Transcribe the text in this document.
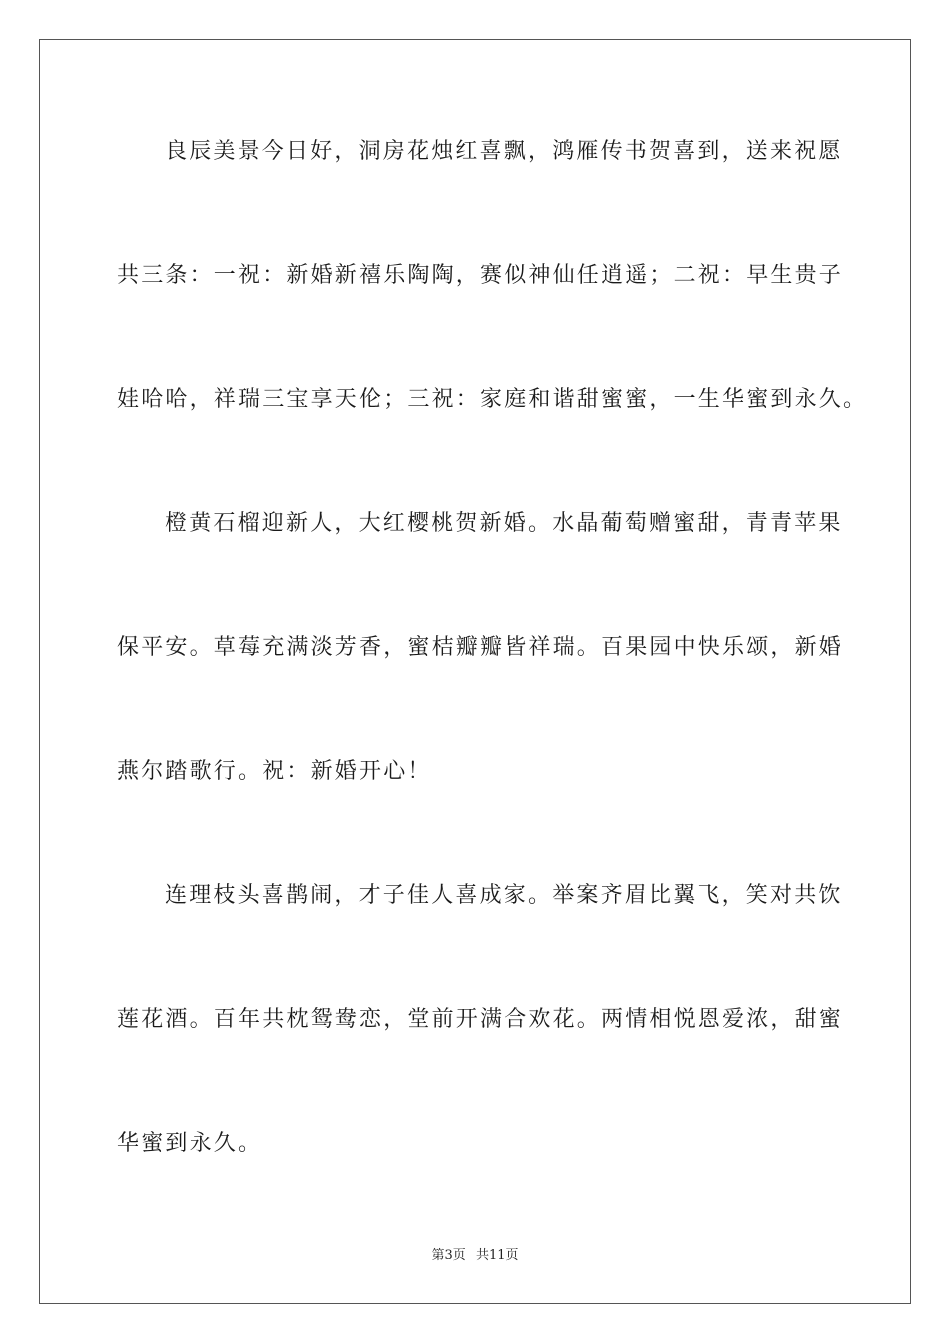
良辰美景今日好，洞房花烛红喜飘，鸿雁传书贺喜到，送来祝愿
共三条：一祝：新婚新禧乐陶陶，赛似神仙任逍遥；二祝：早生贵子
娃哈哈，祥瑞三宝享天伦；三祝：家庭和谐甜蜜蜜，一生华蜜到永久。
橙黄石榴迎新人，大红樱桃贺新婚。水晶葡萄赠蜜甜，青青苹果
保平安。草莓充满淡芳香，蜜桔瓣瓣皆祥瑞。百果园中快乐颂，新婚
燕尔踏歌行。祝：新婚开心！
连理枝头喜鹊闹，才子佳人喜成家。举案齐眉比翼飞，笑对共饮
莲花酒。百年共枕鸳鸯恋，堂前开满合欢花。两情相悦恩爱浓，甜蜜
华蜜到永久。
第3页 共11页
